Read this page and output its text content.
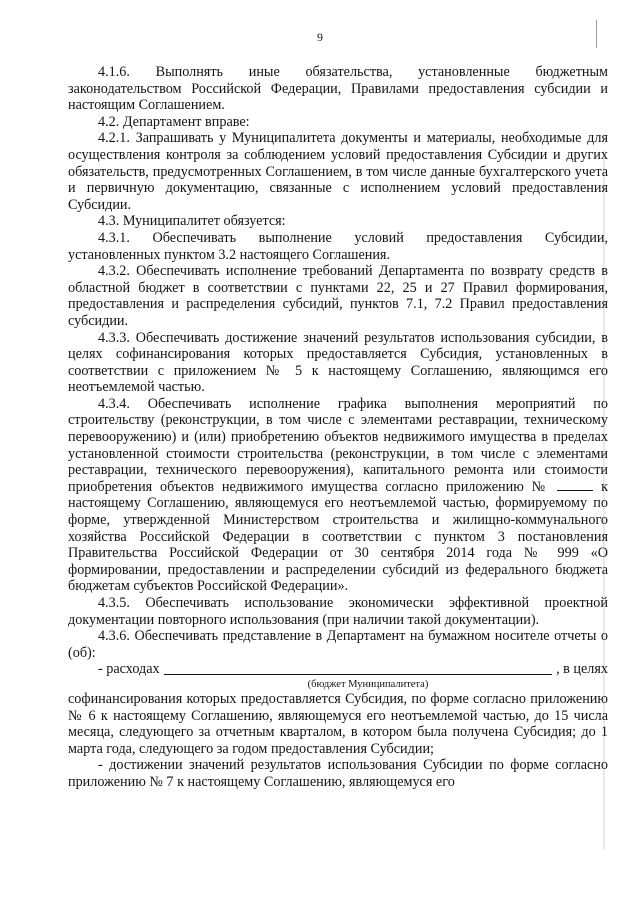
9

4.1.6. Выполнять иные обязательства, установленные бюджетным законодательством Российской Федерации, Правилами предоставления субсидии и настоящим Соглашением.

4.2. Департамент вправе:

4.2.1. Запрашивать у Муниципалитета документы и материалы, необходимые для осуществления контроля за соблюдением условий предоставления Субсидии и других обязательств, предусмотренных Соглашением, в том числе данные бухгалтерского учета и первичную документацию, связанные с исполнением условий предоставления Субсидии.

4.3. Муниципалитет обязуется:

4.3.1. Обеспечивать выполнение условий предоставления Субсидии, установленных пунктом 3.2 настоящего Соглашения.

4.3.2. Обеспечивать исполнение требований Департамента по возврату средств в областной бюджет в соответствии с пунктами 22, 25 и 27 Правил формирования, предоставления и распределения субсидий, пунктов 7.1, 7.2 Правил предоставления субсидии.

4.3.3. Обеспечивать достижение значений результатов использования субсидии, в целях софинансирования которых предоставляется Субсидия, установленных в соответствии с приложением № 5 к настоящему Соглашению, являющимся его неотъемлемой частью.

4.3.4. Обеспечивать исполнение графика выполнения мероприятий по строительству (реконструкции, в том числе с элементами реставрации, техническому перевооружению) и (или) приобретению объектов недвижимого имущества в пределах установленной стоимости строительства (реконструкции, в том числе с элементами реставрации, технического перевооружения), капитального ремонта или стоимости приобретения объектов недвижимого имущества согласно приложению №	к настоящему Соглашению, являющемуся его неотъемлемой частью, формируемому по форме, утвержденной Министерством строительства и жилищно-коммунального хозяйства Российской Федерации в соответствии с пунктом 3 постановления Правительства Российской Федерации от 30 сентября 2014 года № 999 «О формировании, предоставлении и распределении субсидий из федерального бюджета бюджетам субъектов Российской Федерации».

4.3.5. Обеспечивать использование экономически эффективной проектной документации повторного использования (при наличии такой документации).

4.3.6. Обеспечивать представление в Департамент на бумажном носителе отчеты о (об):

- расходах	, в целях
(бюджет Муниципалитета)

софинансирования которых предоставляется Субсидия, по форме согласно приложению № 6 к настоящему Соглашению, являющемуся его неотъемлемой частью, до 15 числа месяца, следующего за отчетным кварталом, в котором была получена Субсидия; до 1 марта года, следующего за годом предоставления Субсидии;

- достижении значений результатов использования Субсидии по форме согласно приложению № 7 к настоящему Соглашению, являющемуся его
